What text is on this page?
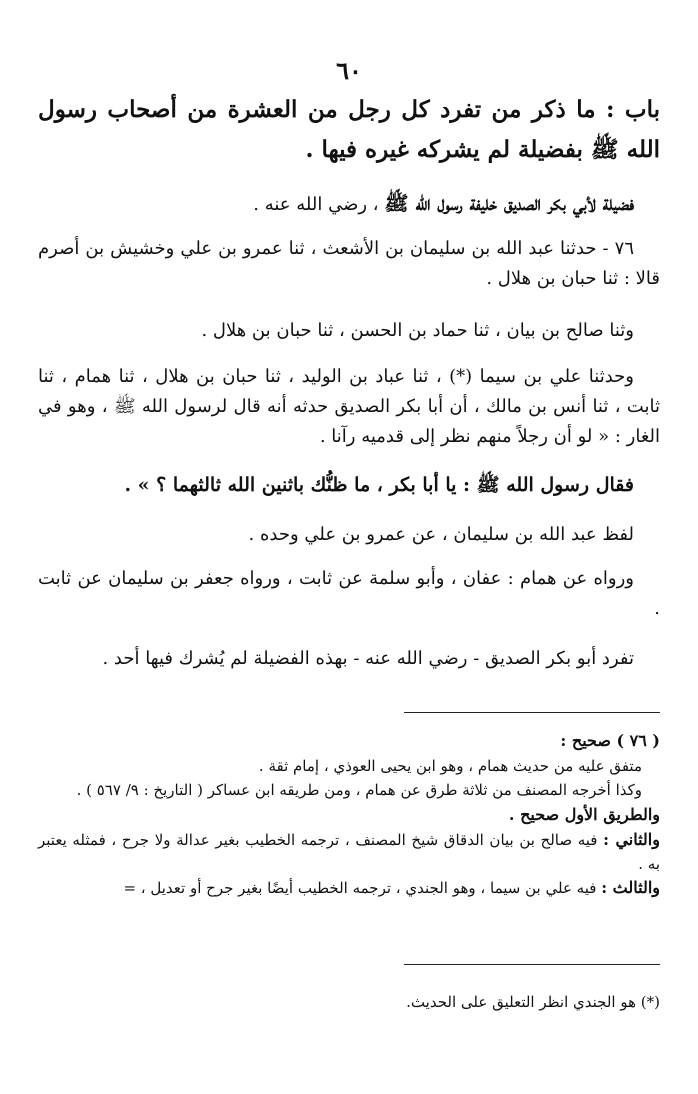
٦٠
باب : ما ذكر من تفرد كل رجل من العشرة من أصحاب رسول الله ﷺ بفضيلة لم يشركه غيره فيها .
فضيلة لأبي بكر الصديق خليفة رسول الله ﷺ ، رضي الله عنه .
٧٦ - حدثنا عبد الله بن سليمان بن الأشعث ، ثنا عمرو بن علي وخشيش بن أصرم قالا : ثنا حبان بن هلال .
وثنا صالح بن بيان ، ثنا حماد بن الحسن ، ثنا حبان بن هلال .
وحدثنا علي بن سيما (*) ، ثنا عباد بن الوليد ، ثنا حبان بن هلال ، ثنا همام ، ثنا ثابت ، ثنا أنس بن مالك ، أن أبا بكر الصديق حدثه أنه قال لرسول الله ﷺ ، وهو في الغار : « لو أن رجلاً منهم نظر إلى قدميه رآنا .
فقال رسول الله ﷺ : يا أبا بكر ، ما ظنُّك باثنين الله ثالثهما ؟ » .
لفظ عبد الله بن سليمان ، عن عمرو بن علي وحده .
ورواه عن همام : عفان ، وأبو سلمة عن ثابت ، ورواه جعفر بن سليمان عن ثابت .
تفرد أبو بكر الصديق - رضي الله عنه - بهذه الفضيلة لم يُشرك فيها أحد .
( ٧٦ ) صحيح :
متفق عليه من حديث همام ، وهو ابن يحيى العوذي ، إمام ثقة .
وكذا أخرجه المصنف من ثلاثة طرق عن همام ، ومن طريقه ابن عساكر ( التاريخ : ٩/ ٥٦٧ ) .
والطريق الأول صحيح .
والثاني : فيه صالح بن بيان الدقاق شيخ المصنف ، ترجمه الخطيب بغير عدالة ولا جرح ، فمثله يعتبر به .
والثالث : فيه علي بن سيما ، وهو الجندي ، ترجمه الخطيب أيضًا بغير جرح أو تعديل ، =
(*) هو الجندي انظر التعليق على الحديث.
